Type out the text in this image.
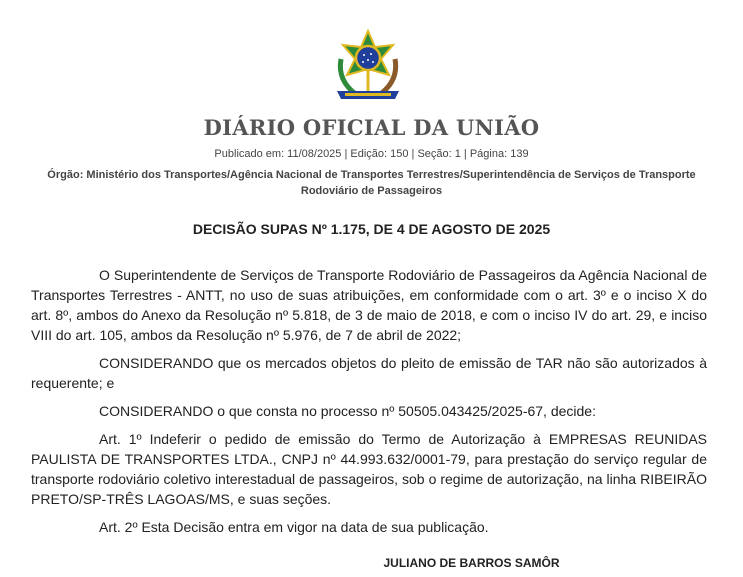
DIÁRIO OFICIAL DA UNIÃO
Publicado em: 11/08/2025 | Edição: 150 | Seção: 1 | Página: 139
Órgão: Ministério dos Transportes/Agência Nacional de Transportes Terrestres/Superintendência de Serviços de Transporte Rodoviário de Passageiros
DECISÃO SUPAS Nº 1.175, DE 4 DE AGOSTO DE 2025

O Superintendente de Serviços de Transporte Rodoviário de Passageiros da Agência Nacional de Transportes Terrestres - ANTT, no uso de suas atribuições, em conformidade com o art. 3º e o inciso X do art. 8º, ambos do Anexo da Resolução nº 5.818, de 3 de maio de 2018, e com o inciso IV do art. 29, e inciso VIII do art. 105, ambos da Resolução nº 5.976, de 7 de abril de 2022;

CONSIDERANDO que os mercados objetos do pleito de emissão de TAR não são autorizados à requerente; e

CONSIDERANDO o que consta no processo nº 50505.043425/2025-67, decide:

Art. 1º Indeferir o pedido de emissão do Termo de Autorização à EMPRESAS REUNIDAS PAULISTA DE TRANSPORTES LTDA., CNPJ nº 44.993.632/0001-79, para prestação do serviço regular de transporte rodoviário coletivo interestadual de passageiros, sob o regime de autorização, na linha RIBEIRÃO PRETO/SP-TRÊS LAGOAS/MS, e suas seções.

Art. 2º Esta Decisão entra em vigor na data de sua publicação.

JULIANO DE BARROS SAMÔR
